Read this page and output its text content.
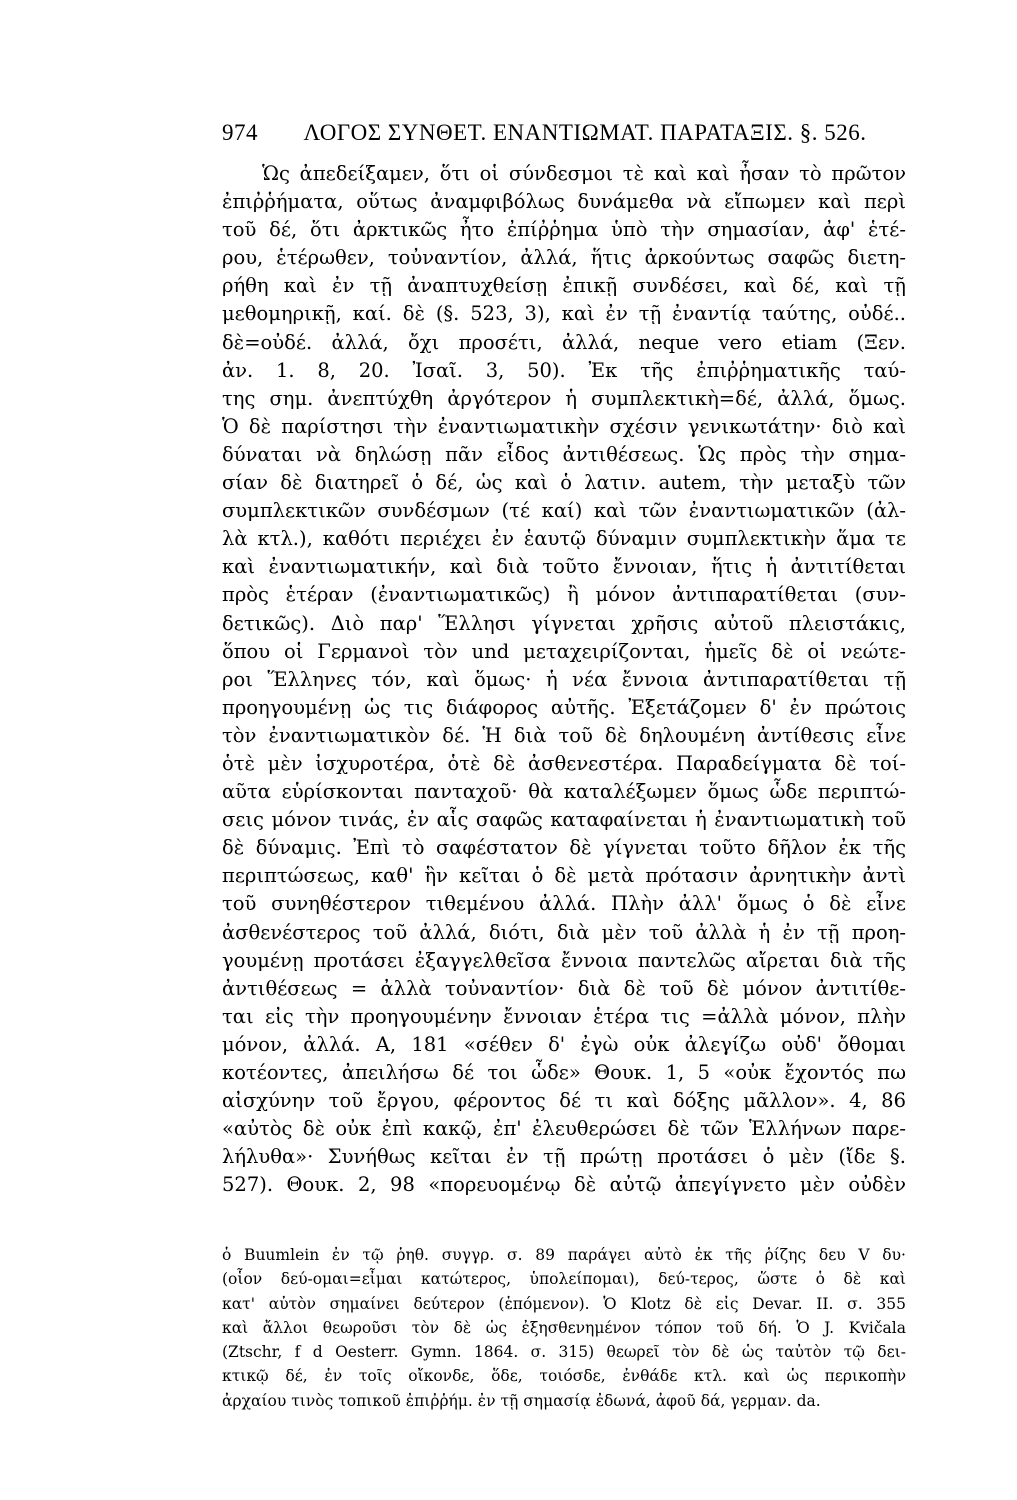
974	ΛΟΓΟΣ ΣΥΝΘΕΤ. ΕΝΑΝΤΙΩΜΑΤ. ΠΑΡΑΤΑΞΙΣ. §. 526.
Ὡς ἀπεδείξαμεν, ὅτι οἱ σύνδεσμοι τὲ καὶ καὶ ἦσαν τὸ πρῶτον
ἐπιῤῥήματα, οὕτως ἀναμφιβόλως δυνάμεθα νὰ εἴπωμεν καὶ περὶ
τοῦ δέ, ὅτι ἀρκτικῶς ἦτο ἐπίῤῥημα ὑπὸ τὴν σημασίαν, ἀφ' ἑτέ-
ρου, ἑτέρωθεν, τοὐναντίον, ἀλλά, ἥτις ἀρκούντως σαφῶς διετη-
ρήθη καὶ ἐν τῇ ἀναπτυχθείσῃ ἐπικῇ συνδέσει, καὶ δέ, καὶ τῇ
μεθομηρικῇ, καί. δὲ (§. 523, 3), καὶ ἐν τῇ ἐναντίᾳ ταύτης, οὐδέ..
δὲ=οὐδέ. ἀλλά, ὄχι προσέτι, ἀλλά, neque vero etiam (Ξεν.
ἀν. 1. 8, 20. Ἰσαῖ. 3, 50). Ἐκ τῆς ἐπιῤῥηματικῆς ταύ-
της σημ. ἀνεπτύχθη ἀργότερον ἡ συμπλεκτικὴ=δέ, ἀλλά, ὅμως.
Ὁ δὲ παρίστησι τὴν ἐναντιωματικὴν σχέσιν γενικωτάτην· διὸ καὶ
δύναται νὰ δηλώσῃ πᾶν εἶδος ἀντιθέσεως. Ὡς πρὸς τὴν σημα-
σίαν δὲ διατηρεῖ ὁ δέ, ὡς καὶ ὁ λατιν. autem, τὴν μεταξὺ τῶν
συμπλεκτικῶν συνδέσμων (τέ καί) καὶ τῶν ἐναντιωματικῶν (ἀλ-
λὰ κτλ.), καθότι περιέχει ἐν ἑαυτῷ δύναμιν συμπλεκτικὴν ἅμα τε
καὶ ἐναντιωματικήν, καὶ διὰ τοῦτο ἔννοιαν, ἥτις ἡ ἀντιτίθεται
πρὸς ἑτέραν (ἐναντιωματικῶς) ἢ μόνον ἀντιπαρατίθεται (συν-
δετικῶς). Διὸ παρ' Ἕλλησι γίγνεται χρῆσις αὐτοῦ πλειστάκις,
ὅπου οἱ Γερμανοὶ τὸν und μεταχειρίζονται, ἡμεῖς δὲ οἱ νεώτε-
ροι Ἕλληνες τόν, καὶ ὅμως· ἡ νέα ἔννοια ἀντιπαρατίθεται τῇ
προηγουμένῃ ὡς τις διάφορος αὐτῆς. Ἐξετάζομεν δ' ἐν πρώτοις
τὸν ἐναντιωματικὸν δέ. Ἡ διὰ τοῦ δὲ δηλουμένη ἀντίθεσις εἶνε
ὁτὲ μὲν ἰσχυροτέρα, ὁτὲ δὲ ἀσθενεστέρα. Παραδείγματα δὲ τοί-
αῦτα εὑρίσκονται πανταχοῦ· θὰ καταλέξωμεν ὅμως ὧδε περιπτώ-
σεις μόνον τινάς, ἐν αἷς σαφῶς καταφαίνεται ἡ ἐναντιωματικὴ τοῦ
δὲ δύναμις. Ἐπὶ τὸ σαφέστατον δὲ γίγνεται τοῦτο δῆλον ἐκ τῆς
περιπτώσεως, καθ' ἣν κεῖται ὁ δὲ μετὰ πρότασιν ἀρνητικὴν ἀντὶ
τοῦ συνηθέστερον τιθεμένου ἀλλά. Πλὴν ἀλλ' ὅμως ὁ δὲ εἶνε
ἀσθενέστερος τοῦ ἀλλά, διότι, διὰ μὲν τοῦ ἀλλὰ ἡ ἐν τῇ προη-
γουμένῃ προτάσει ἐξαγγελθεῖσα ἔννοια παντελῶς αἴρεται διὰ τῆς
ἀντιθέσεως = ἀλλὰ τοὐναντίον· διὰ δὲ τοῦ δὲ μόνον ἀντιτίθε-
ται εἰς τὴν προηγουμένην ἔννοιαν ἑτέρα τις =ἀλλὰ μόνον, πλὴν
μόνον, ἀλλά. Α, 181 «σέθεν δ' ἐγὼ οὐκ ἀλεγίζω οὐδ' ὄθομαι
κοτέοντες, ἀπειλήσω δέ τοι ὧδε» Θουκ. 1, 5 «οὐκ ἔχοντός πω
αἰσχύνην τοῦ ἔργου, φέροντος δέ τι καὶ δόξης μᾶλλον». 4, 86
«αὐτὸς δὲ οὐκ ἐπὶ κακῷ, ἐπ' ἐλευθερώσει δὲ τῶν Ἑλλήνων παρε-
λήλυθα»· Συνήθως κεῖται ἐν τῇ πρώτῃ προτάσει ὁ μὲν (ἴδε §.
527). Θουκ. 2, 98 «πορευομένῳ δὲ αὐτῷ ἀπεγίγνετο μὲν οὐδὲν
ὁ Buumlein ἐν τῷ ῥηθ. συγγρ. σ. 89 παράγει αὐτὸ ἐκ τῆς ῥίζης δευ V δυ·
(οἷον δεύ-ομαι=εἶμαι κατώτερος, ὑπολείπομαι), δεύ-τερος, ὥστε ὁ δὲ καὶ
κατ' αὐτὸν σημαίνει δεύτερον (ἑπόμενον). Ὁ Klotz δὲ εἰς Devar. II. σ. 355
καὶ ἄλλοι θεωροῦσι τὸν δὲ ὡς ἐξησθενημένον τόπον τοῦ δή. Ὁ J. Kvičala
(Ztschr, f d Oesterr. Gymn. 1864. σ. 315) θεωρεῖ τὸν δὲ ὡς ταὐτὸν τῷ δει-
κτικῷ δέ, ἐν τοῖς οἴκονδε, ὅδε, τοιόσδε, ἐνθάδε κτλ. καὶ ὡς περικοπὴν
ἀρχαίου τινὸς τοπικοῦ ἐπιῤῥήμ. ἐν τῇ σημασίᾳ ἐδωνά, ἀφοῦ δά, γερμαν. da.
